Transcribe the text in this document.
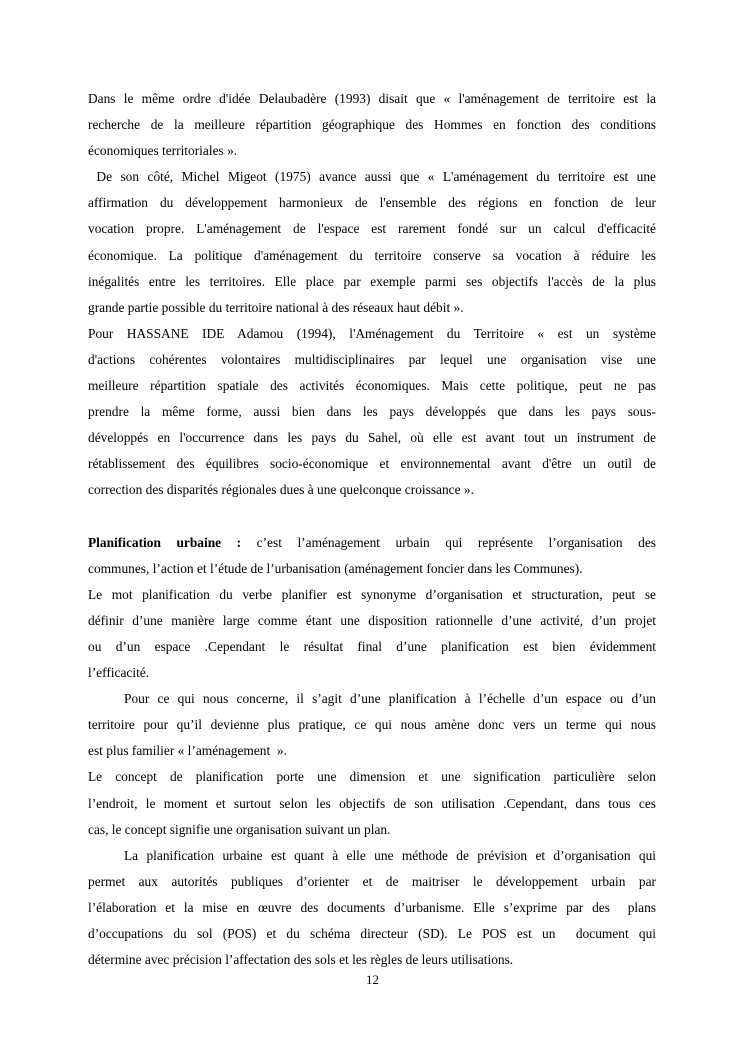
Dans le même ordre d'idée Delaubadère (1993) disait que « l'aménagement de territoire est la
recherche de la meilleure répartition géographique des Hommes en fonction des conditions
économiques territoriales ».
De son côté, Michel Migeot (1975) avance aussi que « L'aménagement du territoire est une
affirmation du développement harmonieux de l'ensemble des régions en fonction de leur
vocation propre. L'aménagement de l'espace est rarement fondé sur un calcul d'efficacité
économique. La politique d'aménagement du territoire conserve sa vocation à réduire les
inégalités entre les territoires. Elle place par exemple parmi ses objectifs l'accès de la plus
grande partie possible du territoire national à des réseaux haut débit ».
Pour HASSANE IDE Adamou (1994), l'Aménagement du Territoire « est un système
d'actions cohérentes volontaires multidisciplinaires par lequel une organisation vise une
meilleure répartition spatiale des activités économiques. Mais cette politique, peut ne pas
prendre la même forme, aussi bien dans les pays développés que dans les pays sous-
développés en l'occurrence dans les pays du Sahel, où elle est avant tout un instrument de
rétablissement des équilibres socio-économique et environnemental avant d'être un outil de
correction des disparités régionales dues à une quelconque croissance ».
Planification urbaine : c’est l’aménagement urbain qui représente l’organisation des
communes, l’action et l’étude de l’urbanisation (aménagement foncier dans les Communes).
Le mot planification du verbe planifier est synonyme d’organisation et structuration, peut se
définir d’une manière large comme étant une disposition rationnelle d’une activité, d’un projet
ou d’un espace .Cependant le résultat final d’une planification est bien évidemment
l’efficacité.
Pour ce qui nous concerne, il s’agit d’une planification à l’échelle d’un espace ou d’un
territoire pour qu’il devienne plus pratique, ce qui nous amène donc vers un terme qui nous
est plus familier « l’aménagement  ».
Le concept de planification porte une dimension et une signification particulière selon
l’endroit, le moment et surtout selon les objectifs de son utilisation .Cependant, dans tous ces
cas, le concept signifie une organisation suivant un plan.
La planification urbaine est quant à elle une méthode de prévision et d’organisation qui
permet aux autorités publiques d’orienter et de maitriser le développement urbain par
l’élaboration et la mise en œuvre des documents d’urbanisme. Elle s’exprime par des  plans
d’occupations du sol (POS) et du schéma directeur (SD). Le POS est un  document qui
détermine avec précision l’affectation des sols et les règles de leurs utilisations.
12
